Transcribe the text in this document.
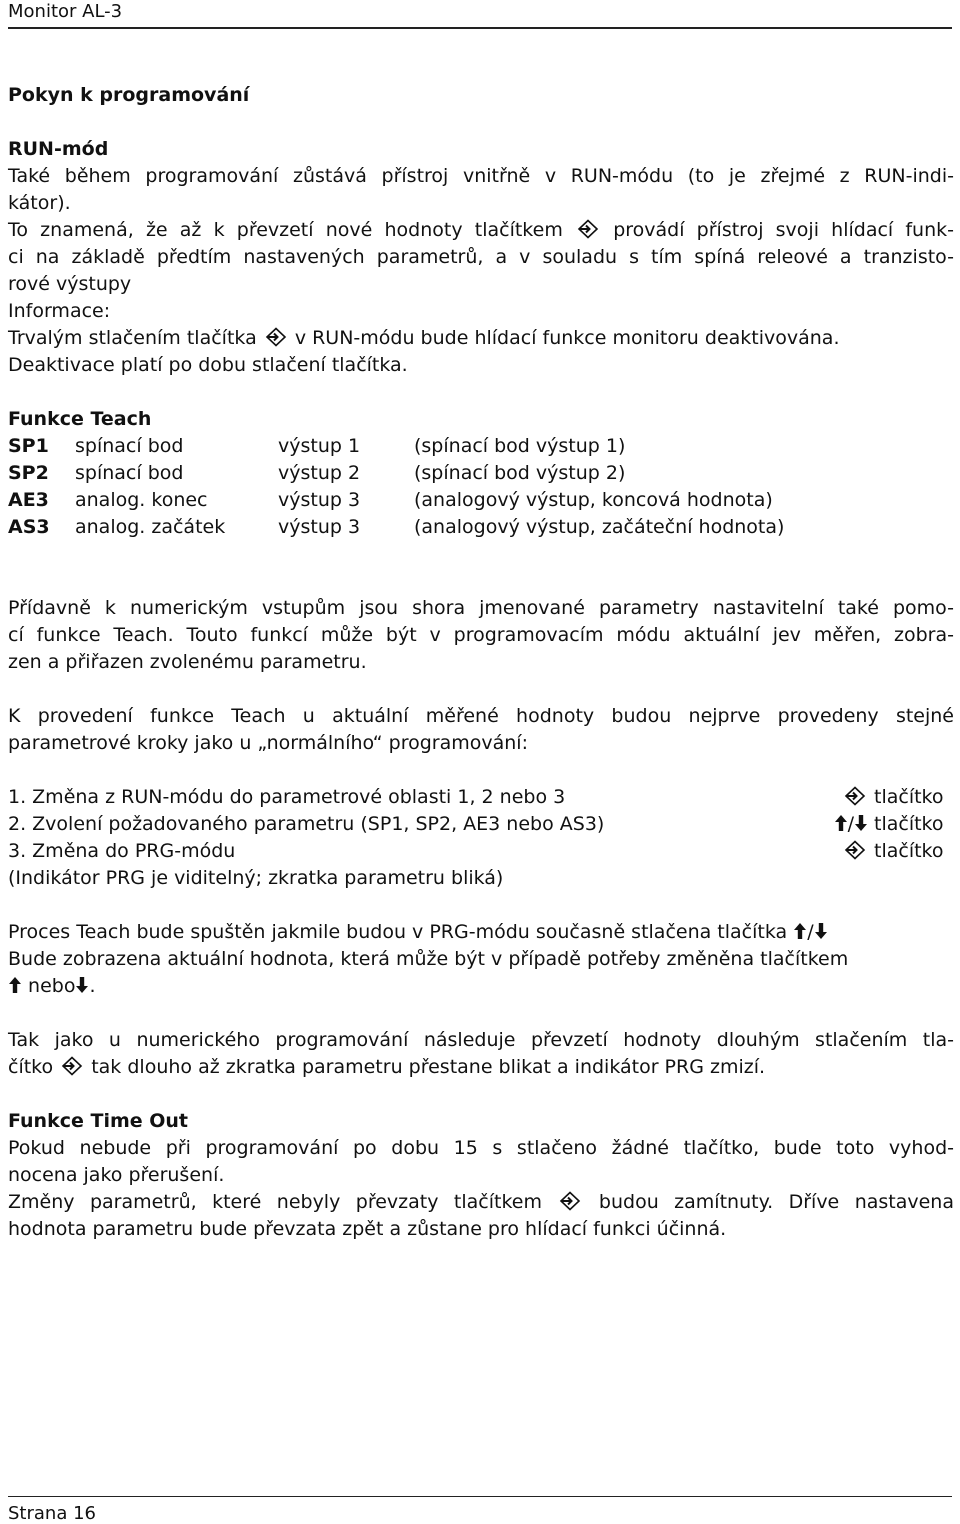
Monitor AL-3

Pokyn k programování

RUN-mód

Také během programování zůstává přístroj vnitřně v RUN-módu (to je zřejmé z RUN-indi-

kátor).

To znamená, že až k převzetí nové hodnoty tlačítkem	provádí přístroj svoji hlídací funk-

ci na základě předtím nastavených parametrů, a v souladu s tím spíná releové a tranzisto-

rové výstupy

Informace:

Trvalým stlačením tlačítka v RUN-módu bude hlídací funkce monitoru deaktivována.

Deaktivace platí po dobu stlačení tlačítka.

Funkce Teach

SP1	spínací bod	výstup 1	(spínací bod výstup 1)
SP2	spínací bod	výstup 2	(spínací bod výstup 2)
AE3	analog. konec	výstup 3	(analogový výstup, koncová hodnota)
AS3	analog. začátek	výstup 3	(analogový výstup, začáteční hodnota)

Přídavně k numerickým vstupům jsou shora jmenované parametry nastavitelní také pomo-

cí funkce Teach. Touto funkcí může být v programovacím módu aktuální jev měřen, zobra-

zen a přiřazen zvolenému parametru.

K provedení funkce Teach u aktuální měřené hodnoty budou nejprve provedeny stejné

parametrové kroky jako u „normálního“ programování:

1. Změna z RUN-módu do parametrové oblasti 1, 2 nebo 3	tlačítko
2. Zvolení požadovaného parametru (SP1, SP2, AE3 nebo AS3)	/	tlačítko
3. Změna do PRG-módu	tlačítko

(Indikátor PRG je viditelný; zkratka parametru bliká)

Proces Teach bude spuštěn jakmile budou v PRG-módu současně stlačena tlačítka /

Bude zobrazena aktuální hodnota, která může být v případě potřeby změněna tlačítkem

nebo .

Tak jako u numerického programování následuje převzetí hodnoty dlouhým stlačením tla-

čítko tak dlouho až zkratka parametru přestane blikat a indikátor PRG zmizí.

Funkce Time Out

Pokud nebude při programování po dobu 15 s stlačeno žádné tlačítko, bude toto vyhod-

nocena jako přerušení.

Změny parametrů, které nebyly převzaty tlačítkem	budou zamítnuty. Dříve nastavena

hodnota parametru bude převzata zpět a zůstane pro hlídací funkci účinná.

Strana 16
